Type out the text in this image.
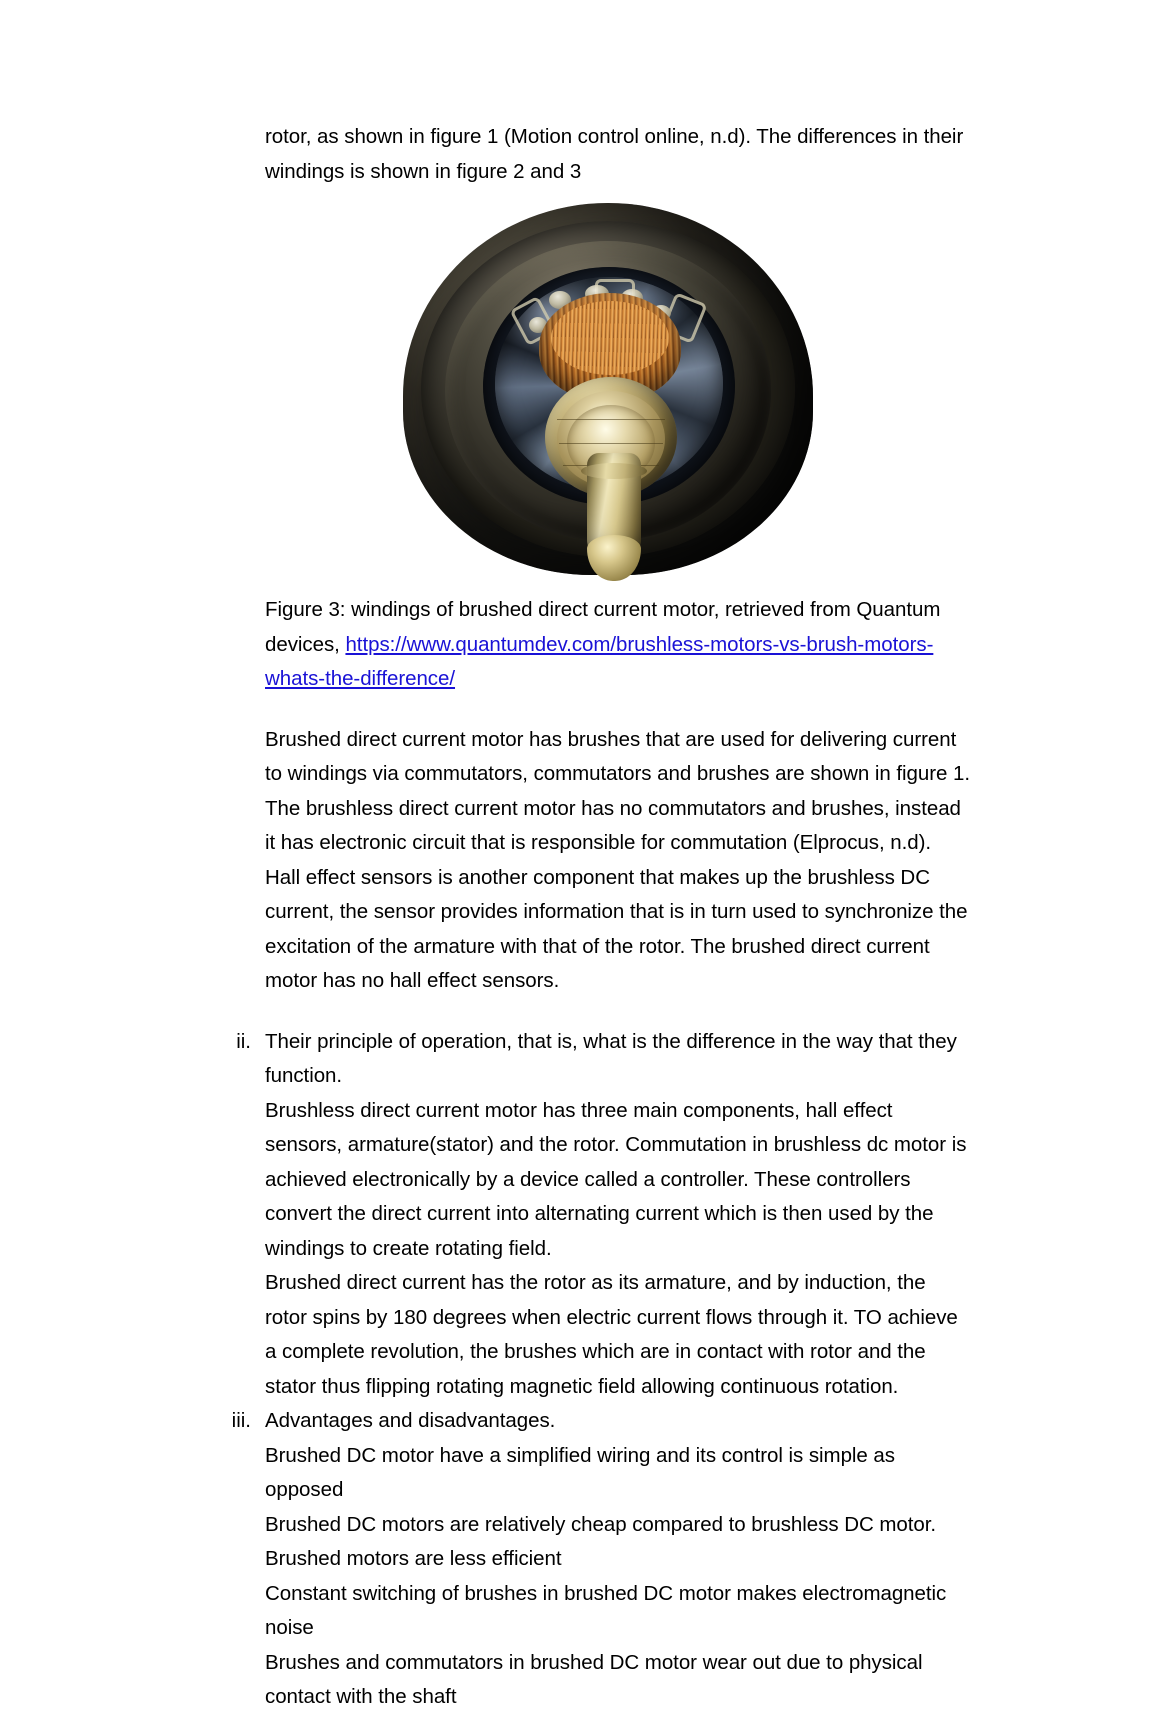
rotor, as shown in figure 1 (Motion control online, n.d). The differences in their windings is shown in figure 2 and 3

Figure 3: windings of brushed direct current motor, retrieved from Quantum devices, https://www.quantumdev.com/brushless-motors-vs-brush-motors-whats-the-difference/

Brushed direct current motor has brushes that are used for delivering current to windings via commutators, commutators and brushes are shown in figure 1. The brushless direct current motor has no commutators and brushes, instead it has electronic circuit that is responsible for commutation (Elprocus, n.d).

Hall effect sensors is another component that makes up the brushless DC current, the sensor provides information that is in turn used to synchronize the excitation of the armature with that of the rotor. The brushed direct current motor has no hall effect sensors.

ii. Their principle of operation, that is, what is the difference in the way that they function.
Brushless direct current motor has three main components, hall effect sensors, armature(stator) and the rotor. Commutation in brushless dc motor is achieved electronically by a device called a controller. These controllers convert the direct current into alternating current which is then used by the windings to create rotating field.
Brushed direct current has the rotor as its armature, and by induction, the rotor spins by 180 degrees when electric current flows through it. TO achieve a complete revolution, the brushes which are in contact with rotor and the stator thus flipping rotating magnetic field allowing continuous rotation.
iii. Advantages and disadvantages.
Brushed DC motor have a simplified wiring and its control is simple as opposed
Brushed DC motors are relatively cheap compared to brushless DC motor.
Brushed motors are less efficient
Constant switching of brushes in brushed DC motor makes electromagnetic noise
Brushes and commutators in brushed DC motor wear out due to physical contact with the shaft
